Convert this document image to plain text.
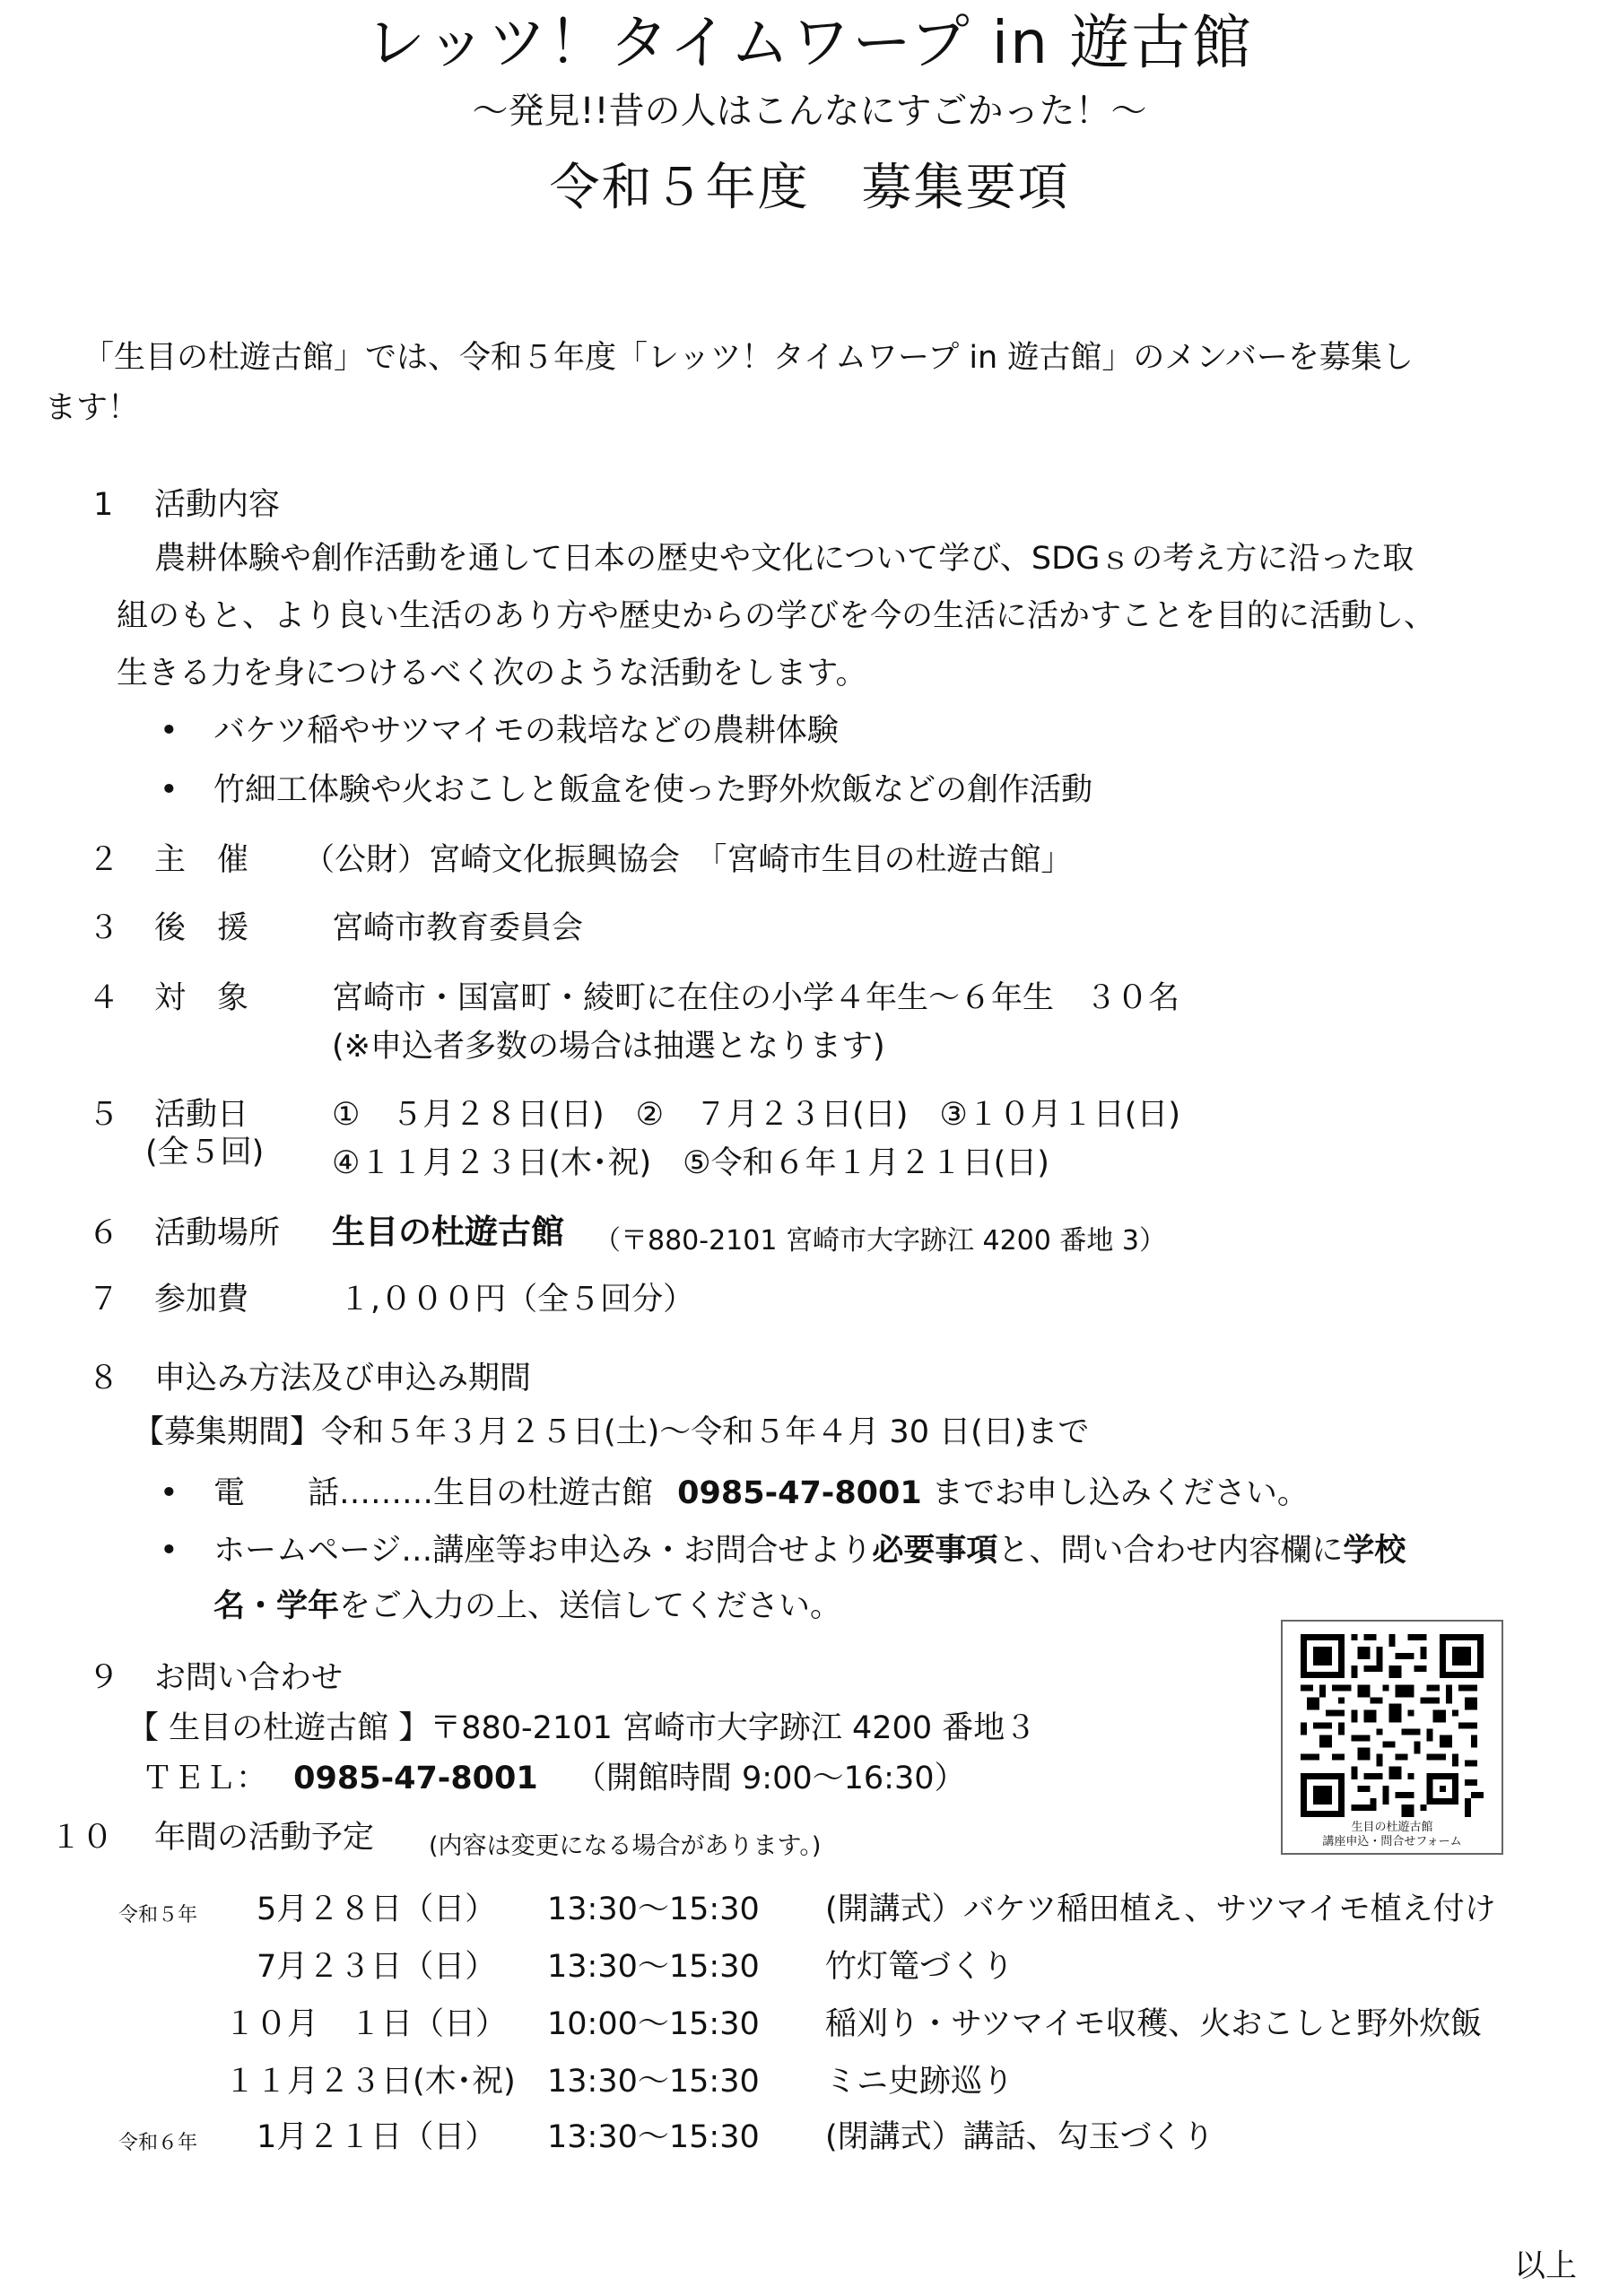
レッツ！タイムワープ in 遊古館
～発見!!昔の人はこんなにすごかった！～
令和５年度　募集要項
「生目の杜遊古館」では、令和５年度「レッツ！タイムワープ in 遊古館」のメンバーを募集し
ます！
1 活動内容
農耕体験や創作活動を通して日本の歴史や文化について学び、SDGｓの考え方に沿った取
組のもと、より良い生活のあり方や歴史からの学びを今の生活に活かすことを目的に活動し、
生きる力を身につけるべく次のような活動をします。
• バケツ稲やサツマイモの栽培などの農耕体験
• 竹細工体験や火おこしと飯盒を使った野外炊飯などの創作活動
２ 主　催 （公財）宮崎文化振興協会　「宮崎市生目の杜遊古館」
３ 後　援	宮崎市教育委員会
４ 対　象	宮崎市・国富町・綾町に在住の小学４年生～６年生　３０名
(※申込者多数の場合は抽選となります)
５ 活動日
(全５回)
①　５月２８日(日)　②　７月２３日(日)　③１０月１日(日)
④１１月２３日(木･祝)　⑤令和６年１月２１日(日)
６ 活動場所 生目の杜遊古館 （〒880-2101 宮崎市大字跡江 4200 番地 3）
７ 参加費	１,０００円（全５回分）
８ 申込み方法及び申込み期間
【募集期間】令和５年３月２５日(土)～令和５年４月 30 日(日)まで
• 電　　話………生目の杜遊古館 0985-47-8001 までお申し込みください。
• ホームページ…講座等お申込み・お問合せより必要事項と、問い合わせ内容欄に学校
名・学年をご入力の上、送信してください。
９ お問い合わせ
【 生目の杜遊古館 】〒880-2101 宮崎市大字跡江 4200 番地３
ＴＥＬ： 0985-47-8001 （開館時間 9:00～16:30）
生目の杜遊古館
講座申込・問合せフォーム
１０ 年間の活動予定 (内容は変更になる場合があります。)
令和５年 5月２８日（日） 13:30～15:30 (開講式）バケツ稲田植え、サツマイモ植え付け
7月２３日（日） 13:30～15:30 竹灯篭づくり
１０月　１日（日） 10:00～15:30 稲刈り・サツマイモ収穫、火おこしと野外炊飯
１１月２３日(木･祝) 13:30～15:30 ミニ史跡巡り
令和６年 1月２１日（日） 13:30～15:30 (閉講式）講話、勾玉づくり
以上
